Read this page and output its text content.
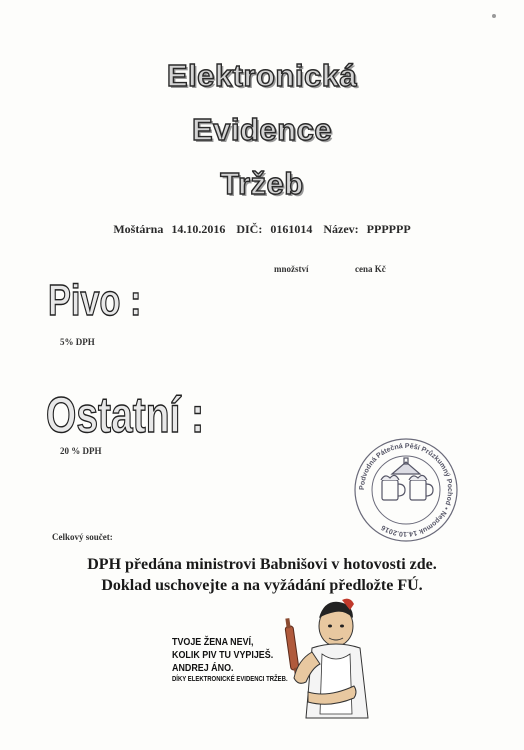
Elektronická
Evidence
Tržeb
Moštárna 14.10.2016 DIČ: 0161014 Název: PPPPPP
množství	cena Kč
Pivo :
5% DPH
Ostatní :
20 % DPH
Podvodná Pátečná Pěší Průzkumný Pochod • Nepomuk 14.10.2016
Celkový součet:
DPH předána ministrovi Babnišovi v hotovosti zde.
Doklad uschovejte a na vyžádání předložte FÚ.
TVOJE ŽENA NEVÍ,
KOLIK PIV TU VYPIJEŠ.
ANDREJ ÁNO.
DÍKY ELEKTRONICKÉ EVIDENCI TRŽEB.
